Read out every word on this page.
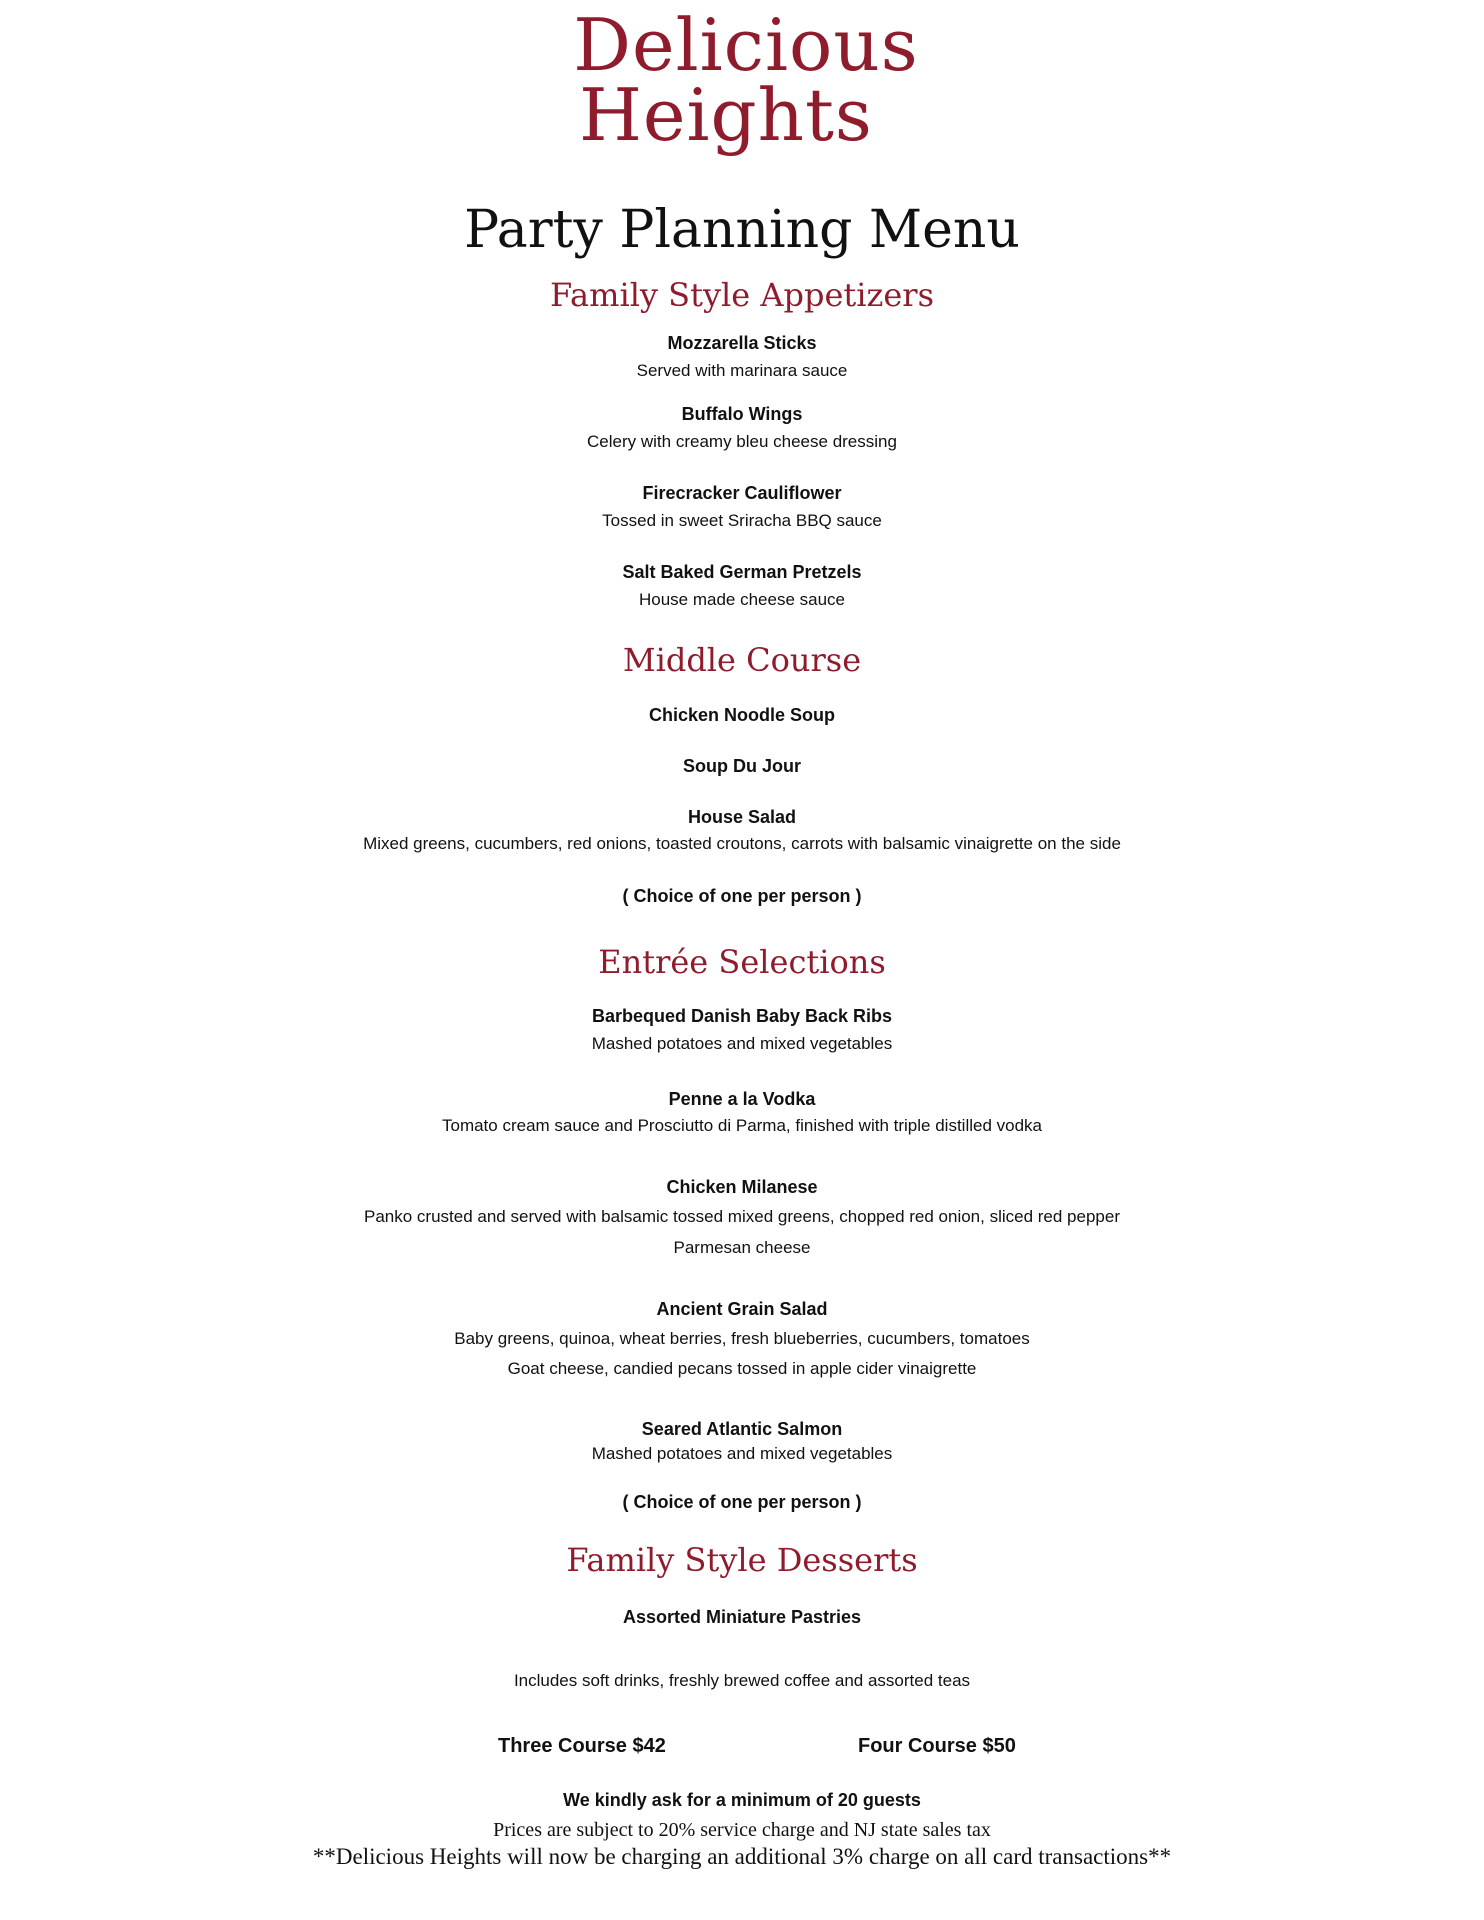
Delicious
Heights
Party Planning Menu
Family Style Appetizers
Mozzarella Sticks
Served with marinara sauce
Buffalo Wings
Celery with creamy bleu cheese dressing
Firecracker Cauliflower
Tossed in sweet Sriracha BBQ sauce
Salt Baked German Pretzels
House made cheese sauce
Middle Course
Chicken Noodle Soup
Soup Du Jour
House Salad
Mixed greens, cucumbers, red onions, toasted croutons, carrots with balsamic vinaigrette on the side
( Choice of one per person )
Entrée Selections
Barbequed Danish Baby Back Ribs
Mashed potatoes and mixed vegetables
Penne a la Vodka
Tomato cream sauce and Prosciutto di Parma, finished with triple distilled vodka
Chicken Milanese
Panko crusted and served with balsamic tossed mixed greens, chopped red onion, sliced red pepper
Parmesan cheese
Ancient Grain Salad
Baby greens, quinoa, wheat berries, fresh blueberries, cucumbers, tomatoes
Goat cheese, candied pecans tossed in apple cider vinaigrette
Seared Atlantic Salmon
Mashed potatoes and mixed vegetables
( Choice of one per person )
Family Style Desserts
Assorted Miniature Pastries
Includes soft drinks, freshly brewed coffee and assorted teas
Three Course $42	Four Course $50
We kindly ask for a minimum of 20 guests
Prices are subject to 20% service charge and NJ state sales tax
**Delicious Heights will now be charging an additional 3% charge on all card transactions**
